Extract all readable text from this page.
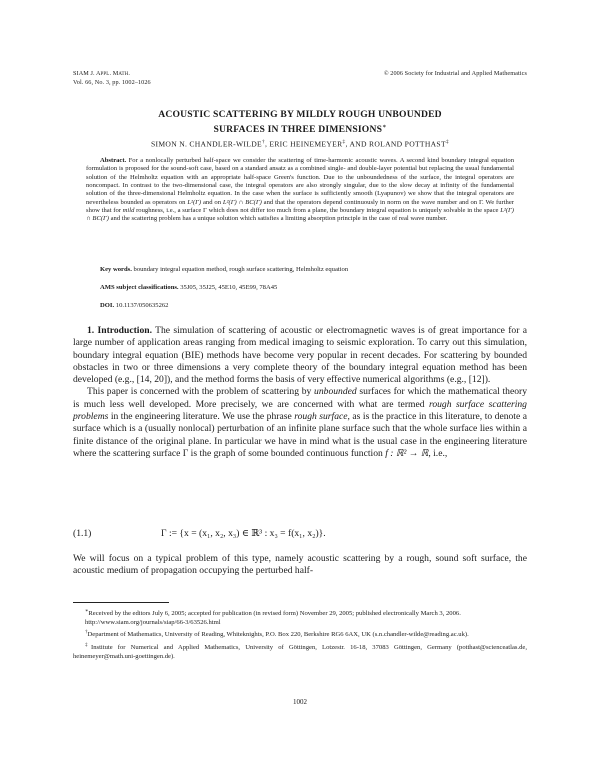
SIAM J. APPL. MATH.
Vol. 66, No. 3, pp. 1002–1026
© 2006 Society for Industrial and Applied Mathematics
ACOUSTIC SCATTERING BY MILDLY ROUGH UNBOUNDED
SURFACES IN THREE DIMENSIONS∗
SIMON N. CHANDLER-WILDE†, ERIC HEINEMEYER‡, AND ROLAND POTTHAST‡
Abstract. For a nonlocally perturbed half-space we consider the scattering of time-harmonic acoustic waves. A second kind boundary integral equation formulation is proposed for the sound-soft case, based on a standard ansatz as a combined single- and double-layer potential but replacing the usual fundamental solution of the Helmholtz equation with an appropriate half-space Green's function. Due to the unboundedness of the surface, the integral operators are noncompact. In contrast to the two-dimensional case, the integral operators are also strongly singular, due to the slow decay at infinity of the fundamental solution of the three-dimensional Helmholtz equation. In the case when the surface is sufficiently smooth (Lyapunov) we show that the integral operators are nevertheless bounded as operators on L²(Γ) and on L²(Γ) ∩ BC(Γ) and that the operators depend continuously in norm on the wave number and on Γ. We further show that for mild roughness, i.e., a surface Γ which does not differ too much from a plane, the boundary integral equation is uniquely solvable in the space L²(Γ) ∩ BC(Γ) and the scattering problem has a unique solution which satisfies a limiting absorption principle in the case of real wave number.
Key words. boundary integral equation method, rough surface scattering, Helmholtz equation
AMS subject classifications. 35J05, 35J25, 45E10, 45E99, 78A45
DOI. 10.1137/050635262

1. Introduction. The simulation of scattering of acoustic or electromagnetic waves is of great importance for a large number of application areas ranging from medical imaging to seismic exploration. To carry out this simulation, boundary integral equation (BIE) methods have become very popular in recent decades. For scattering by bounded obstacles in two or three dimensions a very complete theory of the boundary integral equation method has been developed (e.g., [14, 20]), and the method forms the basis of very effective numerical algorithms (e.g., [12]).

This paper is concerned with the problem of scattering by unbounded surfaces for which the mathematical theory is much less well developed. More precisely, we are concerned with what are termed rough surface scattering problems in the engineering literature. We use the phrase rough surface, as is the practice in this literature, to denote a surface which is a (usually nonlocal) perturbation of an infinite plane surface such that the whole surface lies within a finite distance of the original plane. In particular we have in mind what is the usual case in the engineering literature where the scattering surface Γ is the graph of some bounded continuous function f : ℝ² → ℝ, i.e.,

(1.1)	Γ := {x = (x₁, x₂, x₃) ∈ ℝ³ : x₃ = f(x₁, x₂)}.

We will focus on a typical problem of this type, namely acoustic scattering by a rough, sound soft surface, the acoustic medium of propagation occupying the perturbed half-

∗Received by the editors July 6, 2005; accepted for publication (in revised form) November 29, 2005; published electronically March 3, 2006.

http://www.siam.org/journals/siap/66-3/63526.html

†Department of Mathematics, University of Reading, Whiteknights, P.O. Box 220, Berkshire RG6 6AX, UK (s.n.chandler-wilde@reading.ac.uk).

‡Institute for Numerical and Applied Mathematics, University of Göttingen, Lotzestr. 16-18, 37083 Göttingen, Germany (potthast@scienceatlas.de, heinemeyer@math.uni-goettingen.de).

1002
